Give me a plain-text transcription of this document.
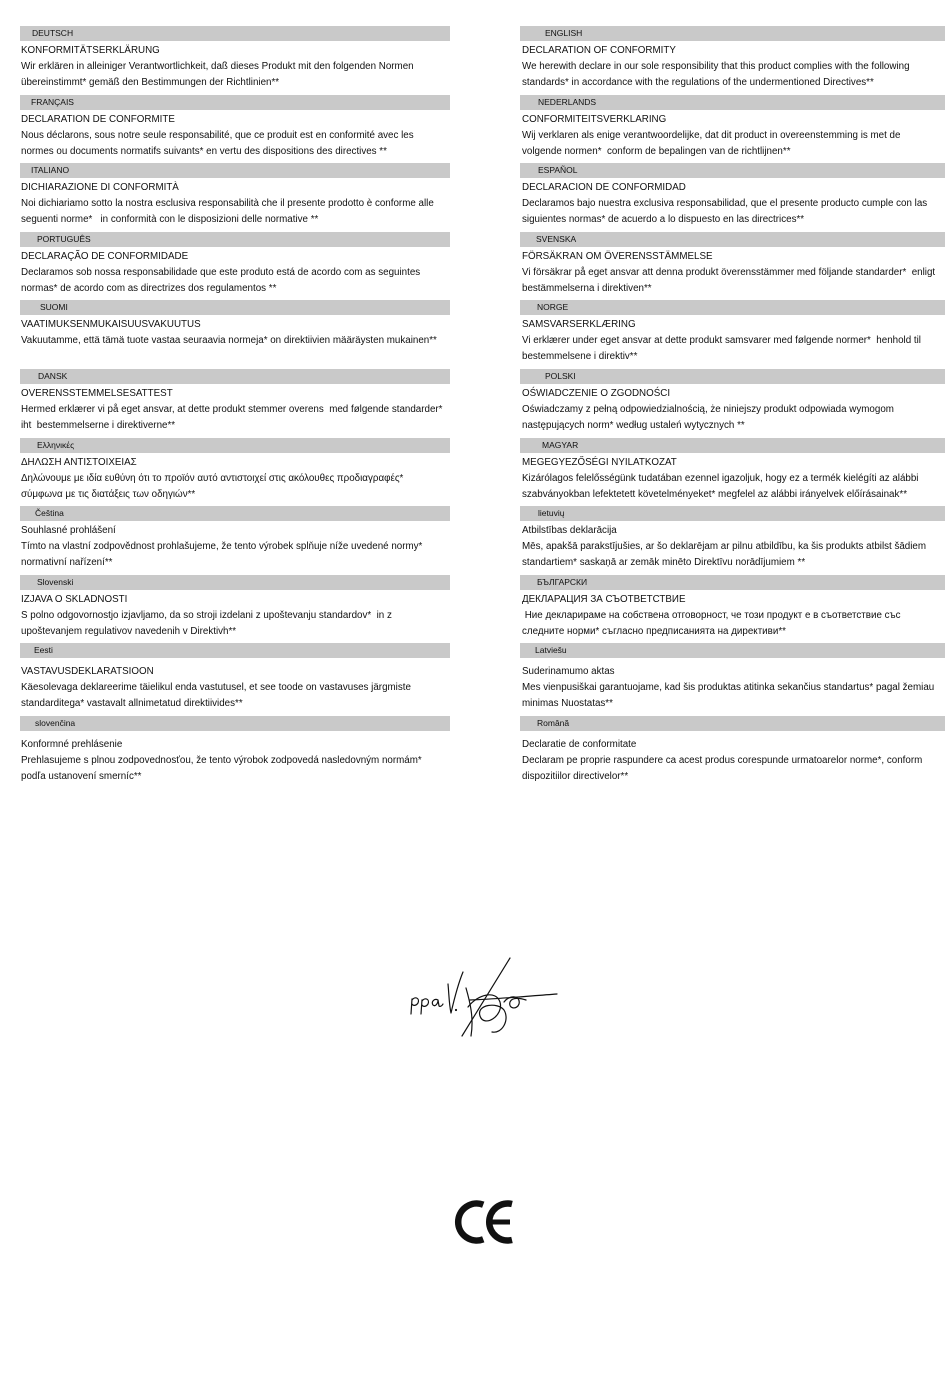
DEUTSCH
KONFORMITÄTSERKLÄRUNG
Wir erklären in alleiniger Verantwortlichkeit, daß dieses Produkt mit den folgenden Normen
übereinstimmt* gemäß den Bestimmungen der Richtlinien**
FRANÇAIS
DECLARATION DE CONFORMITE
Nous déclarons, sous notre seule responsabilité, que ce produit est en conformité avec les
normes ou documents normatifs suivants* en vertu des dispositions des directives **
ITALIANO
DICHIARAZIONE DI CONFORMITÀ
Noi dichiariamo sotto la nostra esclusiva responsabilità che il presente prodotto è conforme alle
seguenti norme*   in conformità con le disposizioni delle normative **
PORTUGUÊS
DECLARAÇÃO DE CONFORMIDADE
Declaramos sob nossa responsabilidade que este produto está de acordo com as seguintes
normas* de acordo com as directrizes dos regulamentos **
SUOMI
VAATIMUKSENMUKAISUUSVAKUUTUS
Vakuutamme, että tämä tuote vastaa seuraavia normeja* on direktiivien määräysten mukainen**
DANSK
OVERENSSTEMMELSESATTEST
Hermed erklærer vi på eget ansvar, at dette produkt stemmer overens  med følgende standarder*
iht  bestemmelserne i direktiverne**
Ελληνικές
ΔΗΛΩΣΗ ΑΝΤΙΣΤΟΙΧΕΙΑΣ
Δηλώνουμε με ιδία ευθύνη ότι το προϊόν αυτό αντιστοιχεί στις ακόλουθες προδιαγραφές*
σύμφωνα με τις διατάξεις των οδηγιών**
Čeština
Souhlasné prohlášení
Tímto na vlastní zodpovědnost prohlašujeme, že tento výrobek splňuje níže uvedené normy*
normativní nařízení**
Slovenski
IZJAVA O SKLADNOSTI
S polno odgovornostjo izjavljamo, da so stroji izdelani z upoštevanju standardov*  in z
upoštevanjem regulativov navedenih v Direktivh**
Eesti
VASTAVUSDEKLARATSIOON
Käesolevaga deklareerime täielikul enda vastutusel, et see toode on vastavuses järgmiste
standarditega* vastavalt allnimetatud direktiivides**
slovenčina
Konformné prehlásenie
Prehlasujeme s plnou zodpovednosťou, že tento výrobok zodpovedá nasledovným normám*
podľa ustanovení smerníc**
ENGLISH
DECLARATION OF CONFORMITY
We herewith declare in our sole responsibility that this product complies with the following
standards* in accordance with the regulations of the undermentioned Directives**
NEDERLANDS
CONFORMITEITSVERKLARING
Wij verklaren als enige verantwoordelijke, dat dit product in overeenstemming is met de
volgende normen*  conform de bepalingen van de richtlijnen**
ESPAÑOL
DECLARACION DE CONFORMIDAD
Declaramos bajo nuestra exclusiva responsabilidad, que el presente producto cumple con las
siguientes normas* de acuerdo a lo dispuesto en las directrices**
SVENSKA
FÖRSÄKRAN OM ÖVERENSSTÄMMELSE
Vi försäkrar på eget ansvar att denna produkt överensstämmer med följande standarder*  enligt
bestämmelserna i direktiven**
NORGE
SAMSVARSERKLÆRING
Vi erklærer under eget ansvar at dette produkt samsvarer med følgende normer*  henhold til
bestemmelsene i direktiv**
POLSKI
OŚWIADCZENIE O ZGODNOŚCI
Oświadczamy z pełną odpowiedzialnością, że niniejszy produkt odpowiada wymogom
następujących norm* według ustaleń wytycznych **
MAGYAR
MEGEGYEZŐSÉGI NYILATKOZAT
Kizárólagos felelősségünk tudatában ezennel igazoljuk, hogy ez a termék kielégíti az alábbi
szabványokban lefektetett követelményeket* megfelel az alábbi irányelvek előírásainak**
lietuvių
Atbilstības deklarācija
Mēs, apakšā parakstījušies, ar šo deklarējam ar pilnu atbildību, ka šis produkts atbilst šādiem
standartiem* saskaņā ar zemāk minēto Direktīvu norādījumiem **
БЪЛГАРСКИ
ДЕКЛАРАЦИЯ ЗА СЪОТВЕТСТВИЕ
Ние декларираме на собствена отговорност, че този продукт е в съответствие със
следните норми* съгласно предписанията на директиви**
Latviešu
Suderinamumo aktas
Mes vienpusiškai garantuojame, kad šis produktas atitinka sekančius standartus* pagal žemiau
minimas Nuostatas**
Română
Declaratie de conformitate
Declaram pe proprie raspundere ca acest produs corespunde urmatoarelor norme*, conform
dispozitiilor directivelor**
